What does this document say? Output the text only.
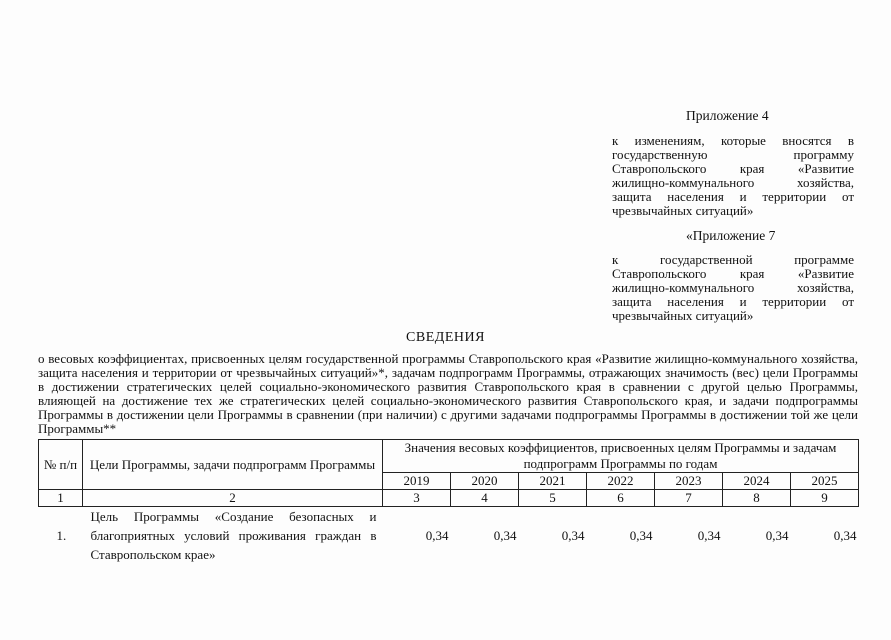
Приложение 4
к изменениям, которые вносятся в государственную программу Ставропольского края «Развитие жилищно-коммунального хозяйства, защита населения и территории от чрезвычайных ситуаций»
«Приложение 7
к государственной программе Ставропольского края «Развитие жилищно-коммунального хозяйства, защита населения и территории от чрезвычайных ситуаций»
СВЕДЕНИЯ
о весовых коэффициентах, присвоенных целям государственной программы Ставропольского края «Развитие жилищно-коммунального хозяйства, защита населения и территории от чрезвычайных ситуаций»*, задачам подпрограмм Программы, отражающих значимость (вес) цели Программы в достижении стратегических целей социально-экономического развития Ставропольского края в сравнении с другой целью Программы, влияющей на достижение тех же стратегических целей социально-экономического развития Ставропольского края, и задачи подпрограммы Программы в достижении цели Программы в сравнении (при наличии) с другими задачами подпрограммы Программы в достижении той же цели Программы**
№ п/п	Цели Программы, задачи подпрограмм Программы	Значения весовых коэффициентов, присвоенных целям Программы и задачам подпрограмм Программы по годам						
		2019	2020	2021	2022	2023	2024	2025
1	2	3	4	5	6	7	8	9
1.	Цель Программы «Создание безопасных и благоприятных условий проживания граждан в Ставропольском крае»	0,34	0,34	0,34	0,34	0,34	0,34	0,34
